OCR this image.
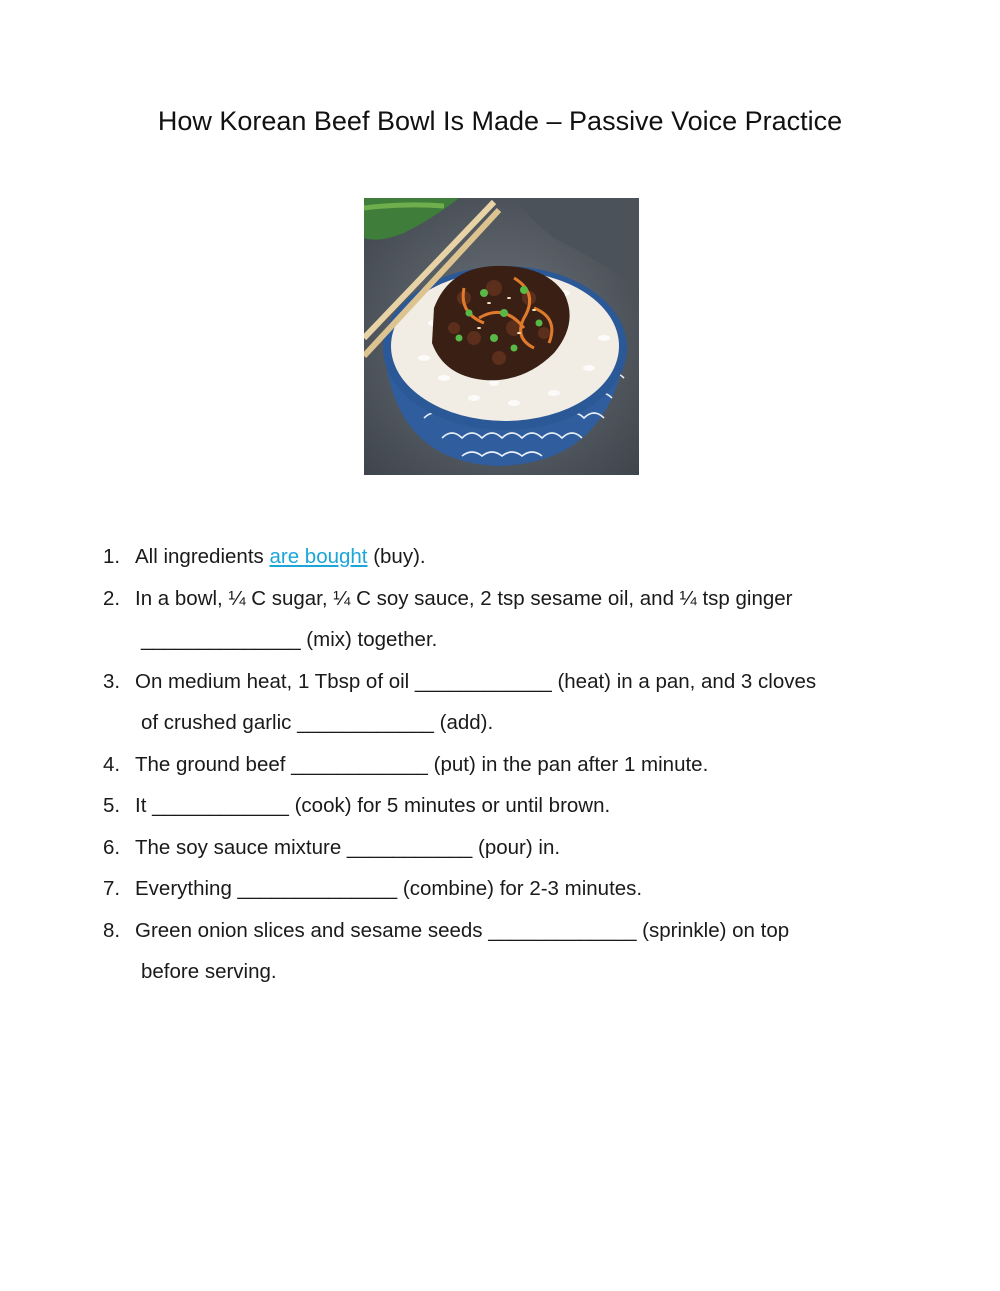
How Korean Beef Bowl Is Made – Passive Voice Practice
1. All ingredients are bought (buy).
2. In a bowl, ¼ C sugar, ¼ C soy sauce, 2 tsp sesame oil, and ¼ tsp ginger
______________ (mix) together.
3. On medium heat, 1 Tbsp of oil ____________ (heat) in a pan, and 3 cloves
of crushed garlic ____________ (add).
4. The ground beef ____________ (put) in the pan after 1 minute.
5. It ____________ (cook) for 5 minutes or until brown.
6. The soy sauce mixture ___________ (pour) in.
7. Everything ______________ (combine) for 2-3 minutes.
8. Green onion slices and sesame seeds _____________ (sprinkle) on top
before serving.
